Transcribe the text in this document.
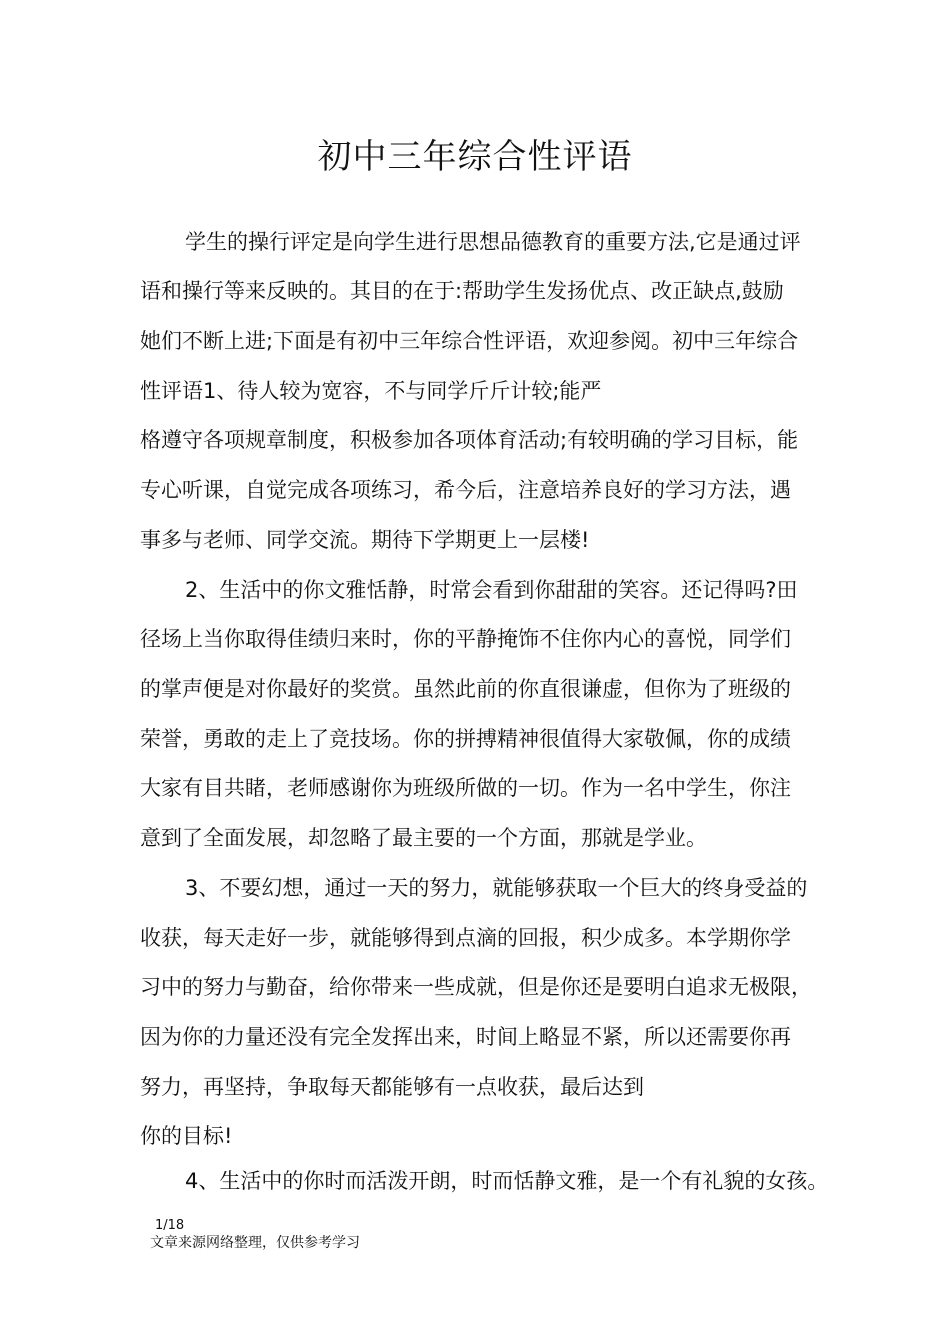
初中三年综合性评语
学生的操行评定是向学生进行思想品德教育的重要方法,它是通过评
语和操行等来反映的。其目的在于:帮助学生发扬优点、改正缺点,鼓励
她们不断上进;下面是有初中三年综合性评语，欢迎参阅。初中三年综合
性评语1、待人较为宽容，不与同学斤斤计较;能严
格遵守各项规章制度，积极参加各项体育活动;有较明确的学习目标，能
专心听课，自觉完成各项练习，希今后，注意培养良好的学习方法，遇
事多与老师、同学交流。期待下学期更上一层楼!
2、生活中的你文雅恬静，时常会看到你甜甜的笑容。还记得吗?田
径场上当你取得佳绩归来时，你的平静掩饰不住你内心的喜悦，同学们
的掌声便是对你最好的奖赏。虽然此前的你直很谦虚，但你为了班级的
荣誉，勇敢的走上了竞技场。你的拼搏精神很值得大家敬佩，你的成绩
大家有目共睹，老师感谢你为班级所做的一切。作为一名中学生，你注
意到了全面发展，却忽略了最主要的一个方面，那就是学业。
3、不要幻想，通过一天的努力，就能够获取一个巨大的终身受益的
收获，每天走好一步，就能够得到点滴的回报，积少成多。本学期你学
习中的努力与勤奋，给你带来一些成就，但是你还是要明白追求无极限，
因为你的力量还没有完全发挥出来，时间上略显不紧，所以还需要你再
努力，再坚持，争取每天都能够有一点收获，最后达到
你的目标!
4、生活中的你时而活泼开朗，时而恬静文雅，是一个有礼貌的女孩。
1/18
文章来源网络整理，仅供参考学习
